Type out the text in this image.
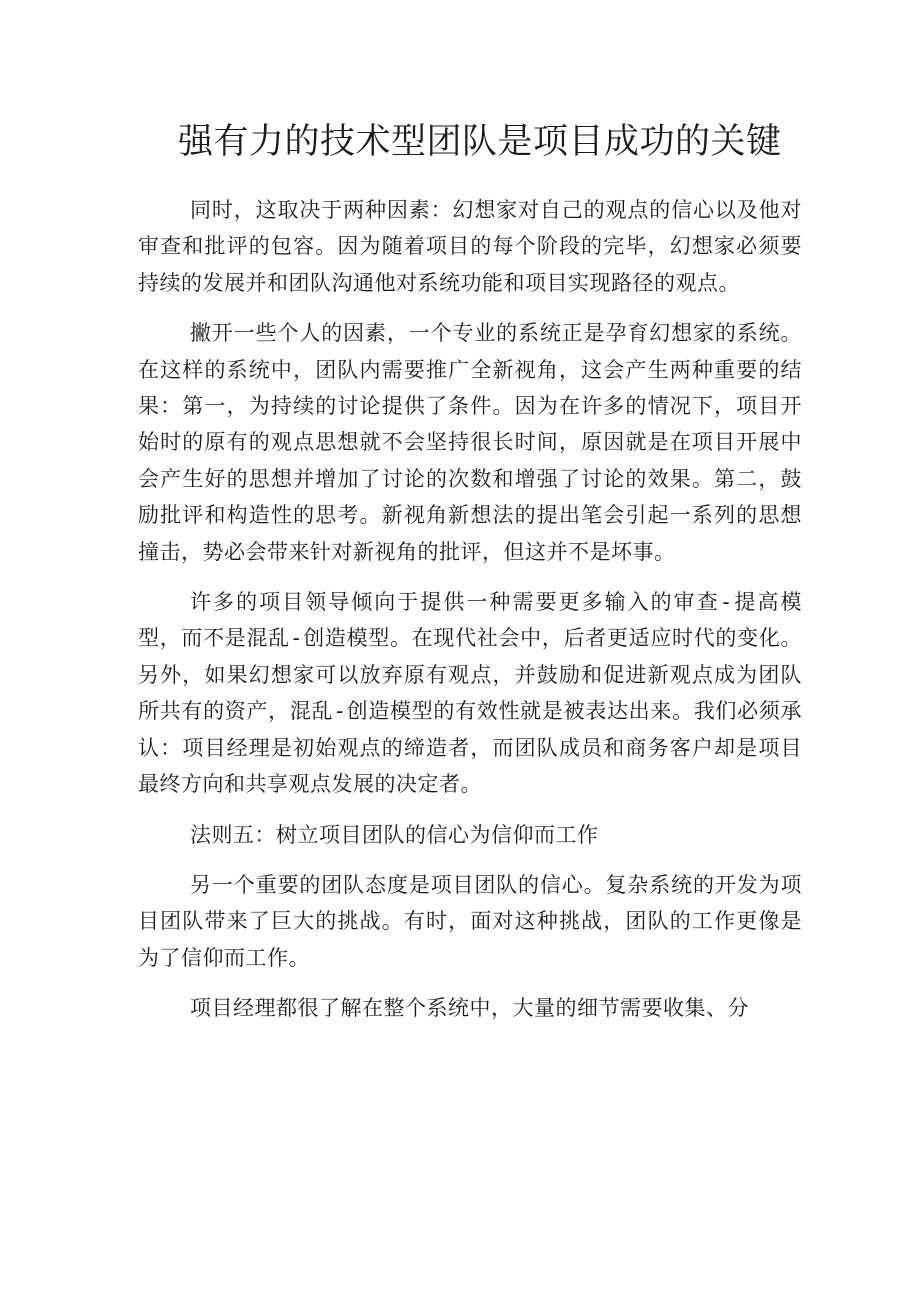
强有力的技术型团队是项目成功的关键

同时，这取决于两种因素：幻想家对自己的观点的信心以及他对审查和批评的包容。因为随着项目的每个阶段的完毕，幻想家必须要持续的发展并和团队沟通他对系统功能和项目实现路径的观点。

撇开一些个人的因素，一个专业的系统正是孕育幻想家的系统。在这样的系统中，团队内需要推广全新视角，这会产生两种重要的结果：第一，为持续的讨论提供了条件。因为在许多的情况下，项目开始时的原有的观点思想就不会坚持很长时间，原因就是在项目开展中会产生好的思想并增加了讨论的次数和增强了讨论的效果。第二，鼓励批评和构造性的思考。新视角新想法的提出笔会引起一系列的思想撞击，势必会带来针对新视角的批评，但这并不是坏事。

许多的项目领导倾向于提供一种需要更多输入的审查-提高模型，而不是混乱-创造模型。在现代社会中，后者更适应时代的变化。另外，如果幻想家可以放弃原有观点，并鼓励和促进新观点成为团队所共有的资产，混乱-创造模型的有效性就是被表达出来。我们必须承认：项目经理是初始观点的缔造者，而团队成员和商务客户却是项目最终方向和共享观点发展的决定者。

法则五：树立项目团队的信心为信仰而工作

另一个重要的团队态度是项目团队的信心。复杂系统的开发为项目团队带来了巨大的挑战。有时，面对这种挑战，团队的工作更像是为了信仰而工作。

项目经理都很了解在整个系统中，大量的细节需要收集、分
